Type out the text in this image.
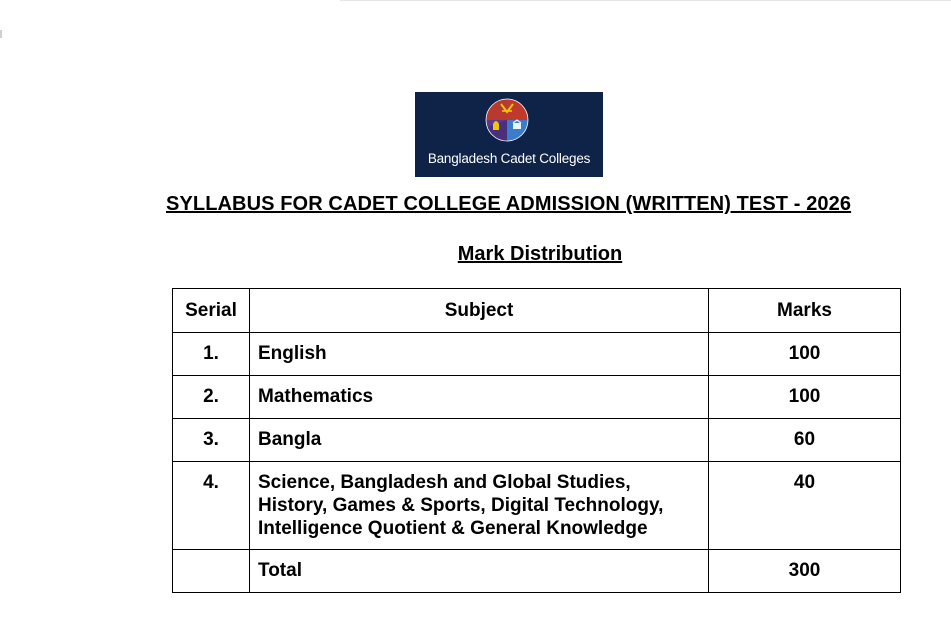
Bangladesh Cadet Colleges
SYLLABUS FOR CADET COLLEGE ADMISSION (WRITTEN) TEST - 2026
Mark Distribution
Serial	Subject	Marks
1.	English	100
2.	Mathematics	100
3.	Bangla	60
4.	Science, Bangladesh and Global Studies,
History, Games & Sports, Digital Technology,
Intelligence Quotient & General Knowledge	40
	Total	300
